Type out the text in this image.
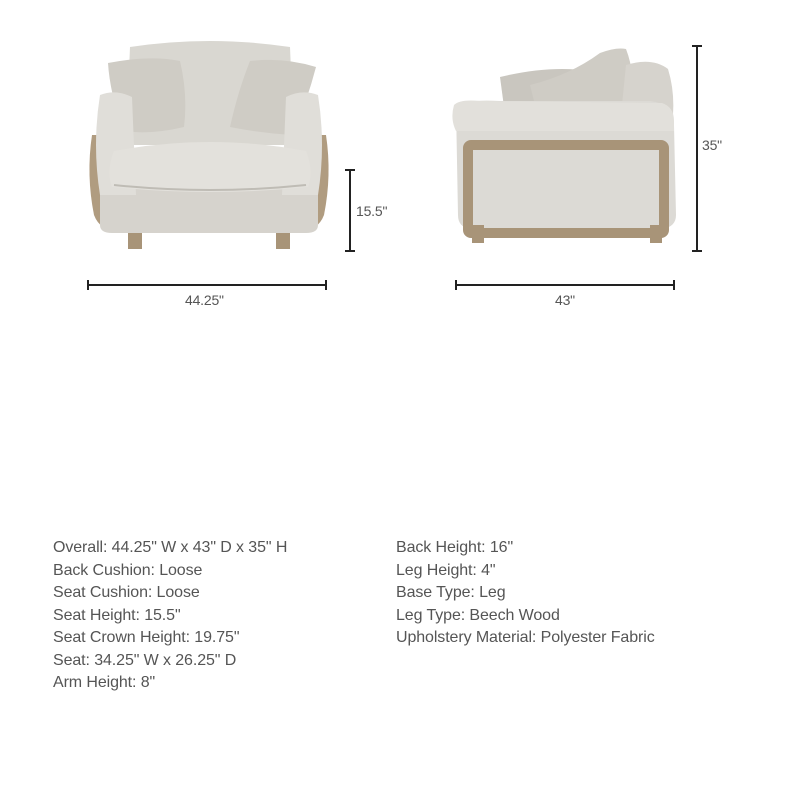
44.25"
15.5"
43"
35"
Overall: 44.25" W x 43" D x 35" H
Back Cushion: Loose
Seat Cushion: Loose
Seat Height: 15.5"
Seat Crown Height: 19.75"
Seat: 34.25" W x 26.25" D
Arm Height: 8"
Back Height: 16"
Leg Height: 4"
Base Type: Leg
Leg Type: Beech Wood
Upholstery Material: Polyester Fabric
